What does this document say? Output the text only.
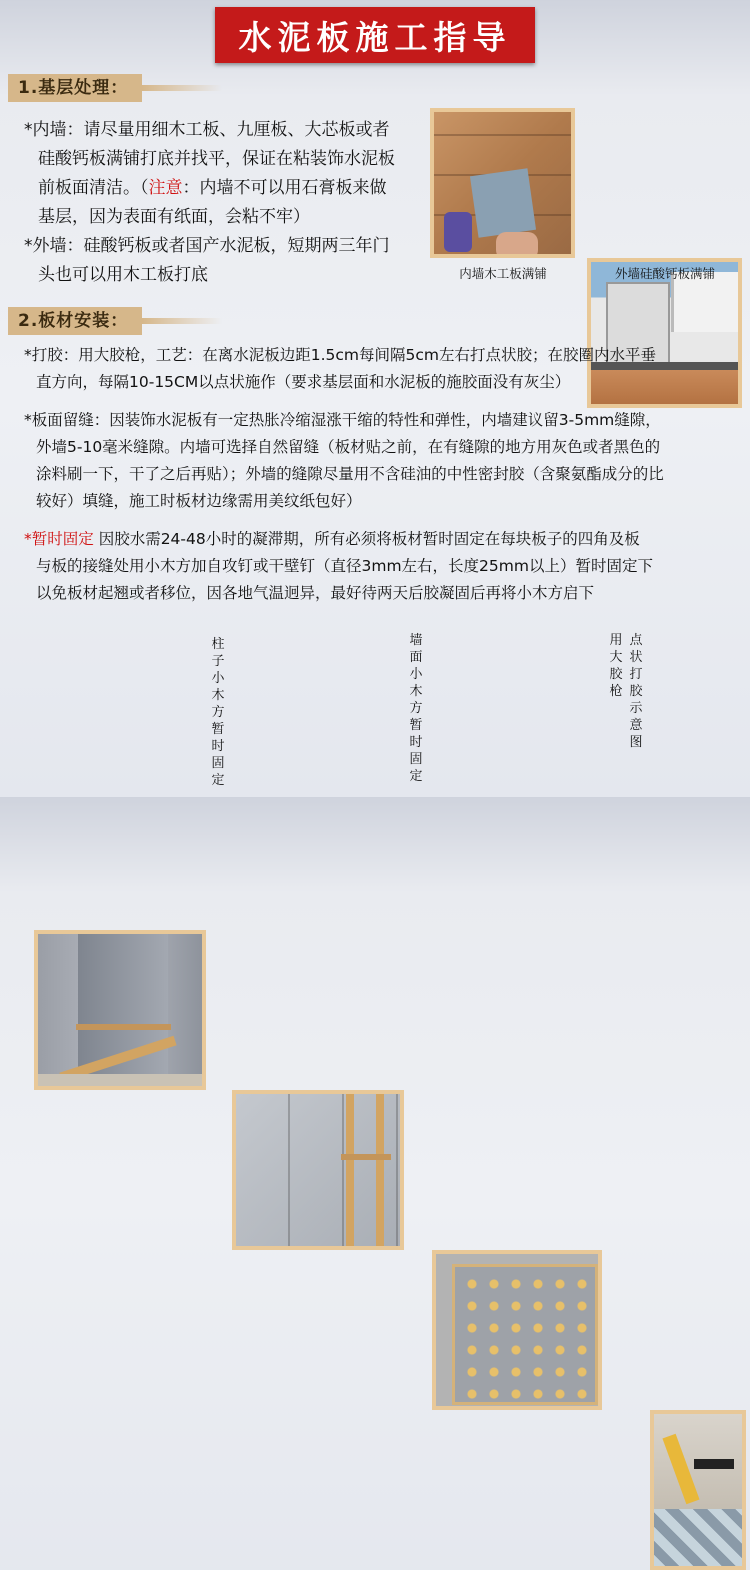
水泥板施工指导
1.基层处理：
*内墙：请尽量用细木工板、九厘板、大芯板或者
硅酸钙板满铺打底并找平，保证在粘装饰水泥板
前板面清洁。（注意：内墙不可以用石膏板来做
基层，因为表面有纸面，会粘不牢）
*外墙：硅酸钙板或者国产水泥板，短期两三年门
头也可以用木工板打底	内墙木工板满铺	外墙硅酸钙板满铺
2.板材安装：
*打胶：用大胶枪，工艺：在离水泥板边距1.5cm每间隔5cm左右打点状胶；在胶圈内水平垂
直方向，每隔10-15CM以点状施作（要求基层面和水泥板的施胶面没有灰尘）
*板面留缝：因装饰水泥板有一定热胀冷缩湿涨干缩的特性和弹性，内墙建议留3-5mm缝隙，
外墙5-10毫米缝隙。内墙可选择自然留缝（板材贴之前，在有缝隙的地方用灰色或者黑色的
涂料刷一下，干了之后再贴）；外墙的缝隙尽量用不含硅油的中性密封胶（含聚氨酯成分的比
较好）填缝，施工时板材边缘需用美纹纸包好）
*暂时固定 因胶水需24-48小时的凝滞期，所有必须将板材暂时固定在每块板子的四角及板
与板的接缝处用小木方加自攻钉或干壁钉（直径3mm左右，长度25mm以上）暂时固定下
以免板材起翘或者移位，因各地气温迥异，最好待两天后胶凝固后再将小木方启下
柱子小木方暂时固定
墙面小木方暂时固定
用大胶枪
点状打胶示意图
